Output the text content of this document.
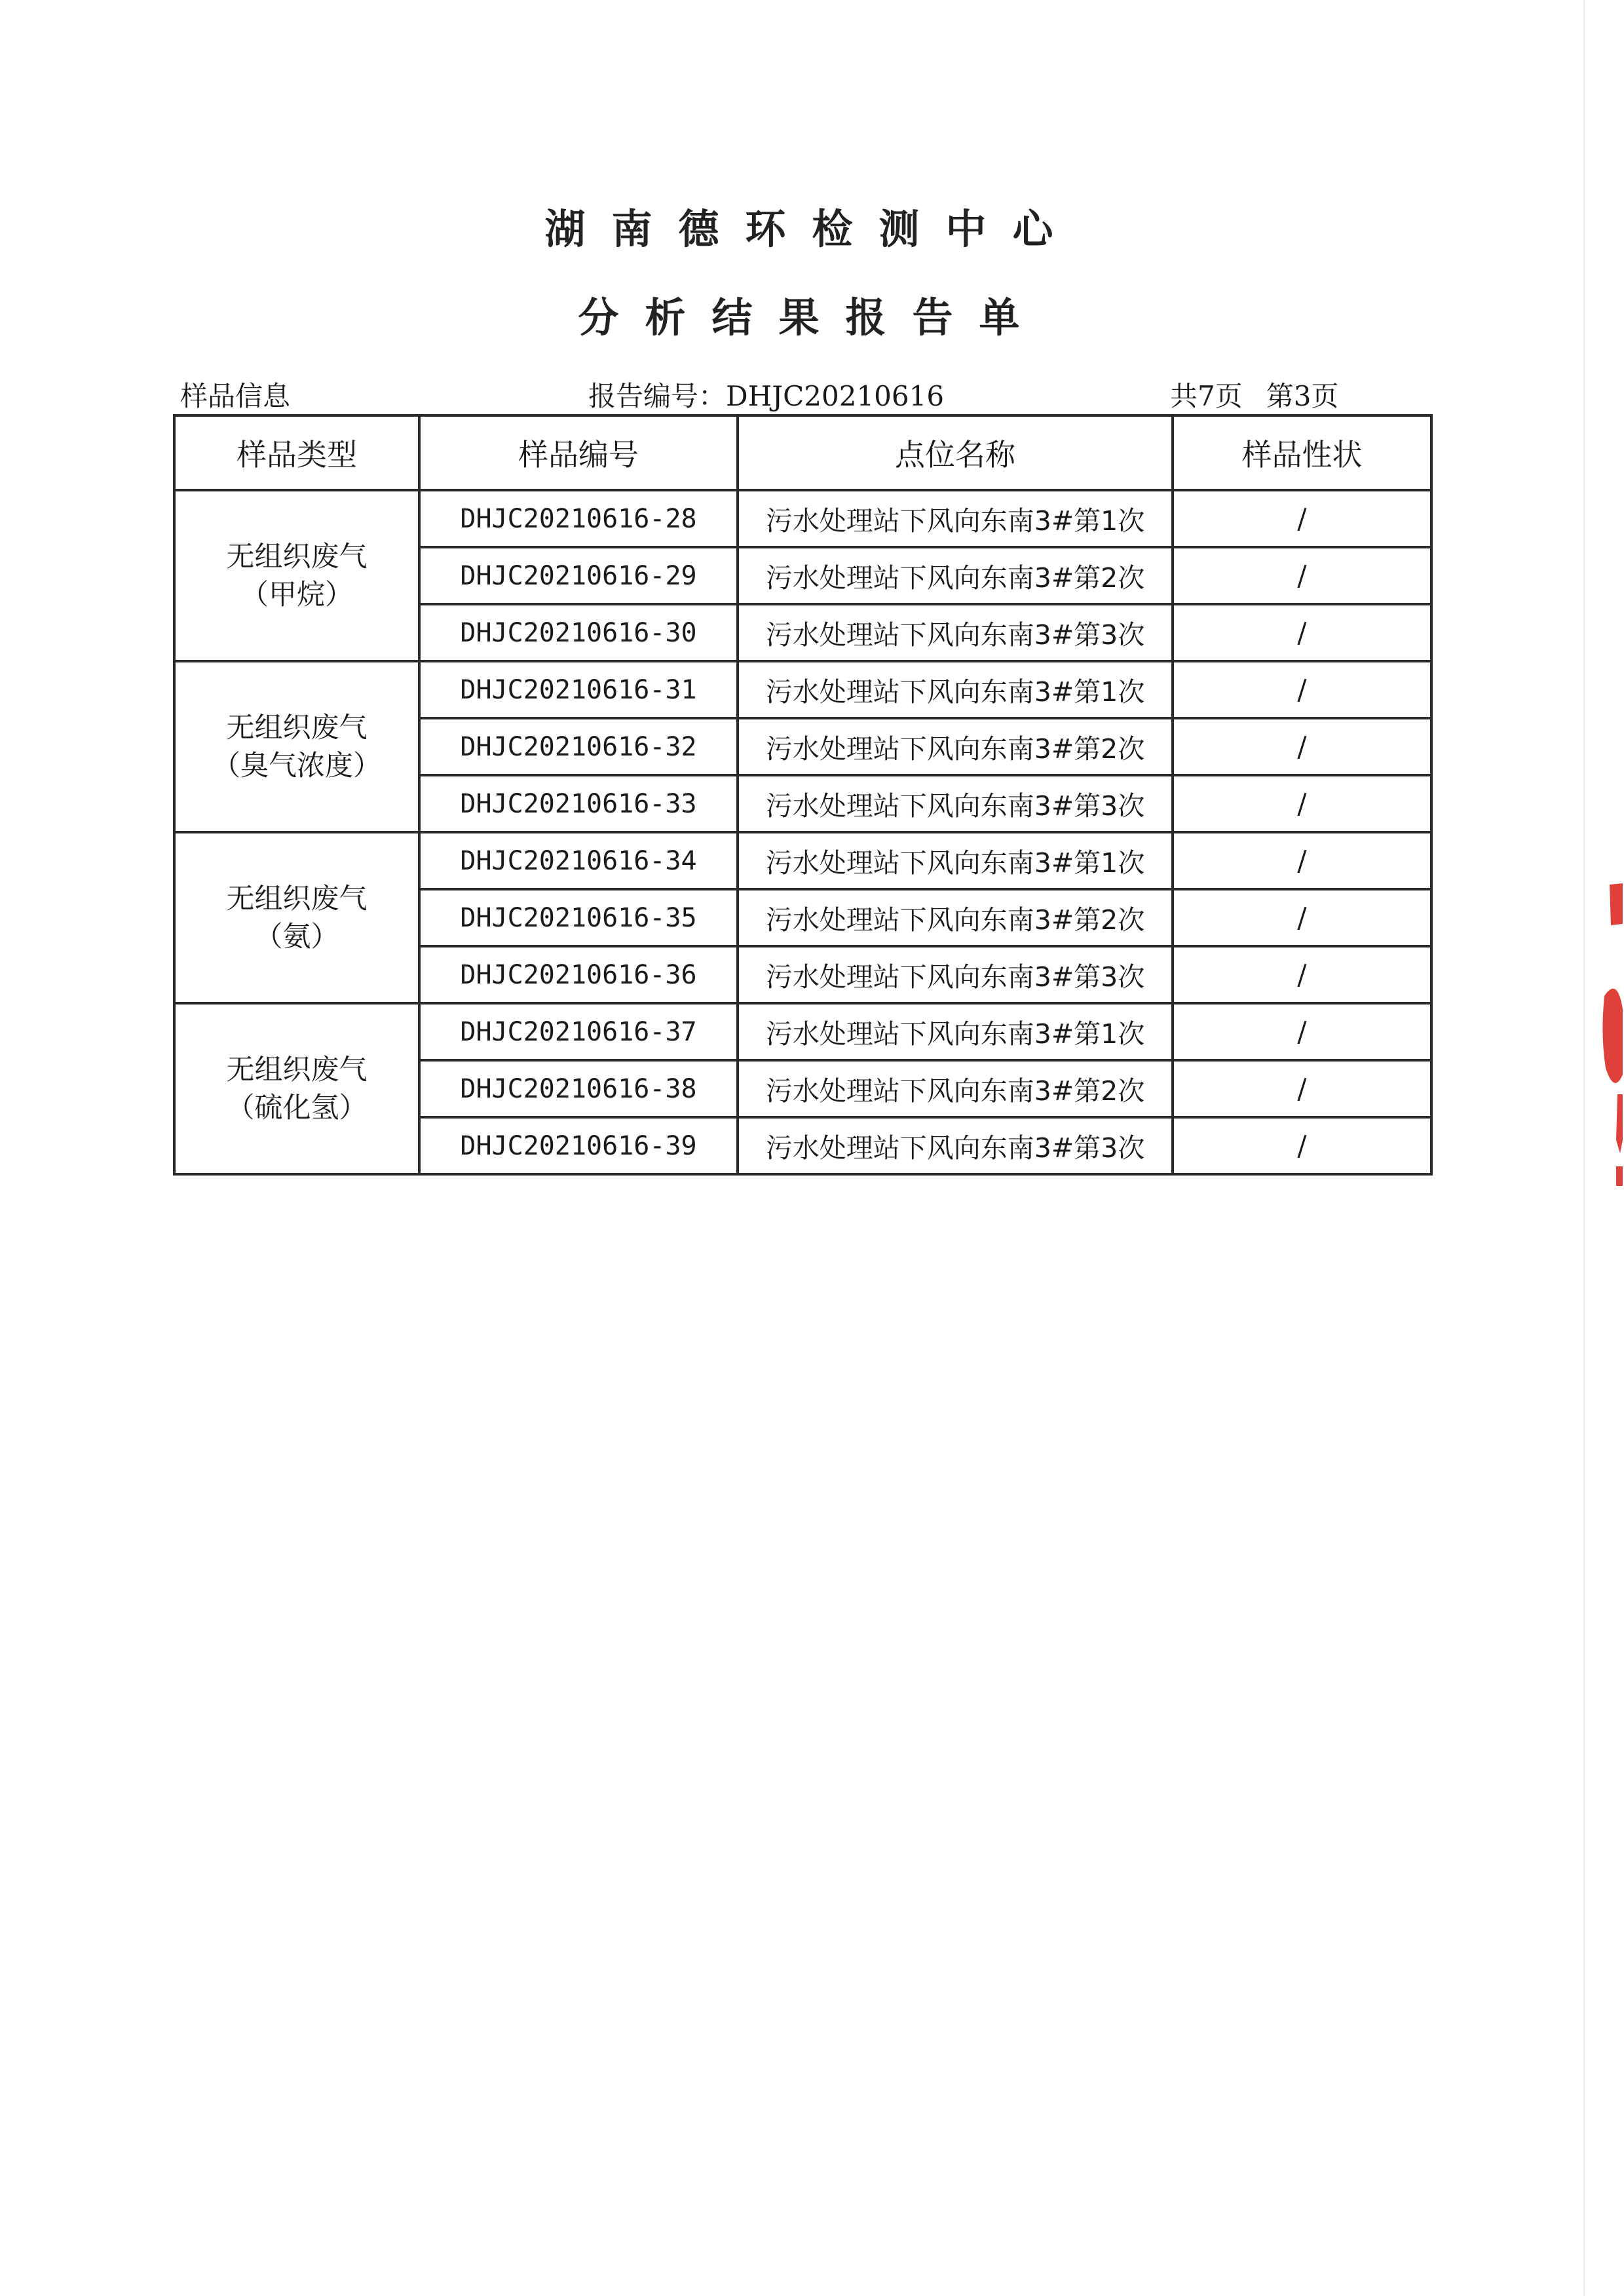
湖南德环检测中心
分析结果报告单
样品信息	报告编号：DHJC20210616	共7页 第3页
样品类型	样品编号	点位名称	样品性状

无组织废气
（甲烷）	DHJC20210616-28	污水处理站下风向东南3#第1次	/
	DHJC20210616-29	污水处理站下风向东南3#第2次	/
	DHJC20210616-30	污水处理站下风向东南3#第3次	/

无组织废气
（臭气浓度）	DHJC20210616-31	污水处理站下风向东南3#第1次	/
	DHJC20210616-32	污水处理站下风向东南3#第2次	/
	DHJC20210616-33	污水处理站下风向东南3#第3次	/

无组织废气
（氨）	DHJC20210616-34	污水处理站下风向东南3#第1次	/
	DHJC20210616-35	污水处理站下风向东南3#第2次	/
	DHJC20210616-36	污水处理站下风向东南3#第3次	/

无组织废气
（硫化氢）	DHJC20210616-37	污水处理站下风向东南3#第1次	/
	DHJC20210616-38	污水处理站下风向东南3#第2次	/
	DHJC20210616-39	污水处理站下风向东南3#第3次	/
